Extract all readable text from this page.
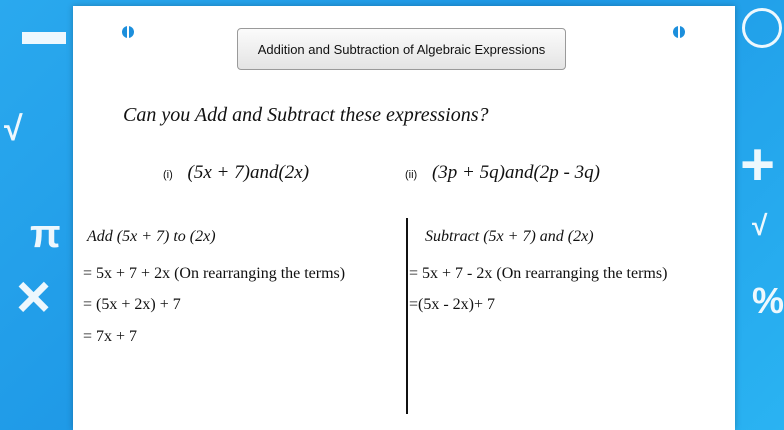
√
π
×
+
√
%
Addition and Subtraction of Algebraic Expressions
Can you Add and Subtract these expressions?
(i) (5x + 7)and(2x)	(ii) (3p + 5q)and(2p - 3q)
Add (5x + 7) to (2x)
= 5x + 7 + 2x (On rearranging the terms)
= (5x + 2x) + 7
= 7x + 7
Subtract (5x + 7) and (2x)
= 5x + 7 - 2x (On rearranging the terms)
=(5x - 2x)+ 7
